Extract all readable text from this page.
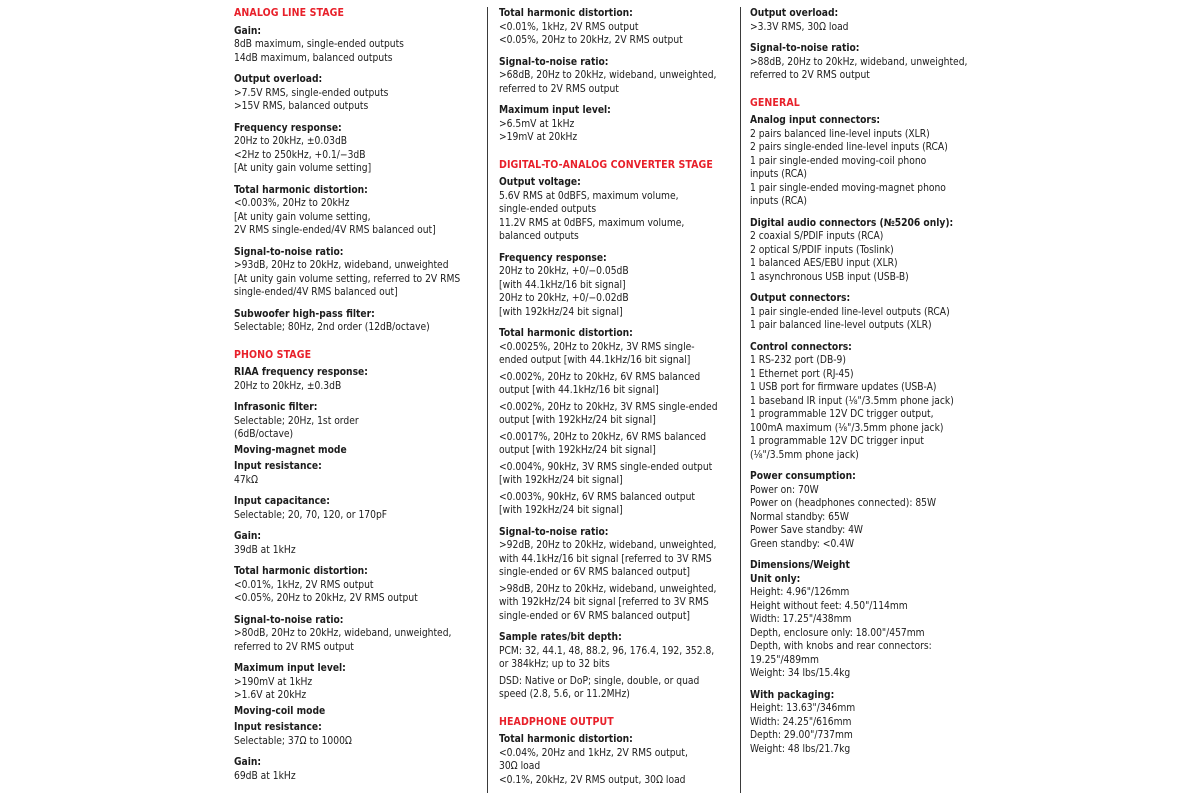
ANALOG LINE STAGE
Gain:
8dB maximum, single-ended outputs
14dB maximum, balanced outputs
Output overload:
>7.5V RMS, single-ended outputs
>15V RMS, balanced outputs
Frequency response:
20Hz to 20kHz, ±0.03dB
<2Hz to 250kHz, +0.1/−3dB
[At unity gain volume setting]
Total harmonic distortion:
<0.003%, 20Hz to 20kHz
[At unity gain volume setting,
2V RMS single-ended/4V RMS balanced out]
Signal-to-noise ratio:
>93dB, 20Hz to 20kHz, wideband, unweighted
[At unity gain volume setting, referred to 2V RMS
single-ended/4V RMS balanced out]
Subwoofer high-pass filter:
Selectable; 80Hz, 2nd order (12dB/octave)
PHONO STAGE
RIAA frequency response:
20Hz to 20kHz, ±0.3dB
Infrasonic filter:
Selectable; 20Hz, 1st order
(6dB/octave)
Moving-magnet mode
Input resistance:
47kΩ
Input capacitance:
Selectable; 20, 70, 120, or 170pF
Gain:
39dB at 1kHz
Total harmonic distortion:
<0.01%, 1kHz, 2V RMS output
<0.05%, 20Hz to 20kHz, 2V RMS output
Signal-to-noise ratio:
>80dB, 20Hz to 20kHz, wideband, unweighted,
referred to 2V RMS output
Maximum input level:
>190mV at 1kHz
>1.6V at 20kHz
Moving-coil mode
Input resistance:
Selectable; 37Ω to 1000Ω
Gain:
69dB at 1kHz
Total harmonic distortion:
<0.01%, 1kHz, 2V RMS output
<0.05%, 20Hz to 20kHz, 2V RMS output
Signal-to-noise ratio:
>68dB, 20Hz to 20kHz, wideband, unweighted,
referred to 2V RMS output
Maximum input level:
>6.5mV at 1kHz
>19mV at 20kHz
DIGITAL-TO-ANALOG CONVERTER STAGE
Output voltage:
5.6V RMS at 0dBFS, maximum volume,
single-ended outputs
11.2V RMS at 0dBFS, maximum volume,
balanced outputs
Frequency response:
20Hz to 20kHz, +0/−0.05dB
[with 44.1kHz/16 bit signal]
20Hz to 20kHz, +0/−0.02dB
[with 192kHz/24 bit signal]
Total harmonic distortion:
<0.0025%, 20Hz to 20kHz, 3V RMS single-
ended output [with 44.1kHz/16 bit signal]
<0.002%, 20Hz to 20kHz, 6V RMS balanced
output [with 44.1kHz/16 bit signal]
<0.002%, 20Hz to 20kHz, 3V RMS single-ended
output [with 192kHz/24 bit signal]
<0.0017%, 20Hz to 20kHz, 6V RMS balanced
output [with 192kHz/24 bit signal]
<0.004%, 90kHz, 3V RMS single-ended output
[with 192kHz/24 bit signal]
<0.003%, 90kHz, 6V RMS balanced output
[with 192kHz/24 bit signal]
Signal-to-noise ratio:
>92dB, 20Hz to 20kHz, wideband, unweighted,
with 44.1kHz/16 bit signal [referred to 3V RMS
single-ended or 6V RMS balanced output]
>98dB, 20Hz to 20kHz, wideband, unweighted,
with 192kHz/24 bit signal [referred to 3V RMS
single-ended or 6V RMS balanced output]
Sample rates/bit depth:
PCM: 32, 44.1, 48, 88.2, 96, 176.4, 192, 352.8,
or 384kHz; up to 32 bits
DSD: Native or DoP; single, double, or quad
speed (2.8, 5.6, or 11.2MHz)
HEADPHONE OUTPUT
Total harmonic distortion:
<0.04%, 20Hz and 1kHz, 2V RMS output,
30Ω load
<0.1%, 20kHz, 2V RMS output, 30Ω load
Output overload:
>3.3V RMS, 30Ω load
Signal-to-noise ratio:
>88dB, 20Hz to 20kHz, wideband, unweighted,
referred to 2V RMS output
GENERAL
Analog input connectors:
2 pairs balanced line-level inputs (XLR)
2 pairs single-ended line-level inputs (RCA)
1 pair single-ended moving-coil phono
inputs (RCA)
1 pair single-ended moving-magnet phono
inputs (RCA)
Digital audio connectors (№5206 only):
2 coaxial S/PDIF inputs (RCA)
2 optical S/PDIF inputs (Toslink)
1 balanced AES/EBU input (XLR)
1 asynchronous USB input (USB-B)
Output connectors:
1 pair single-ended line-level outputs (RCA)
1 pair balanced line-level outputs (XLR)
Control connectors:
1 RS-232 port (DB-9)
1 Ethernet port (RJ-45)
1 USB port for firmware updates (USB-A)
1 baseband IR input (⅛"/3.5mm phone jack)
1 programmable 12V DC trigger output,
100mA maximum (⅛"/3.5mm phone jack)
1 programmable 12V DC trigger input
(⅛"/3.5mm phone jack)
Power consumption:
Power on: 70W
Power on (headphones connected): 85W
Normal standby: 65W
Power Save standby: 4W
Green standby: <0.4W
Dimensions/Weight
Unit only:
Height: 4.96"/126mm
Height without feet: 4.50"/114mm
Width: 17.25"/438mm
Depth, enclosure only: 18.00"/457mm
Depth, with knobs and rear connectors:
19.25"/489mm
Weight: 34 lbs/15.4kg
With packaging:
Height: 13.63"/346mm
Width: 24.25"/616mm
Depth: 29.00"/737mm
Weight: 48 lbs/21.7kg
